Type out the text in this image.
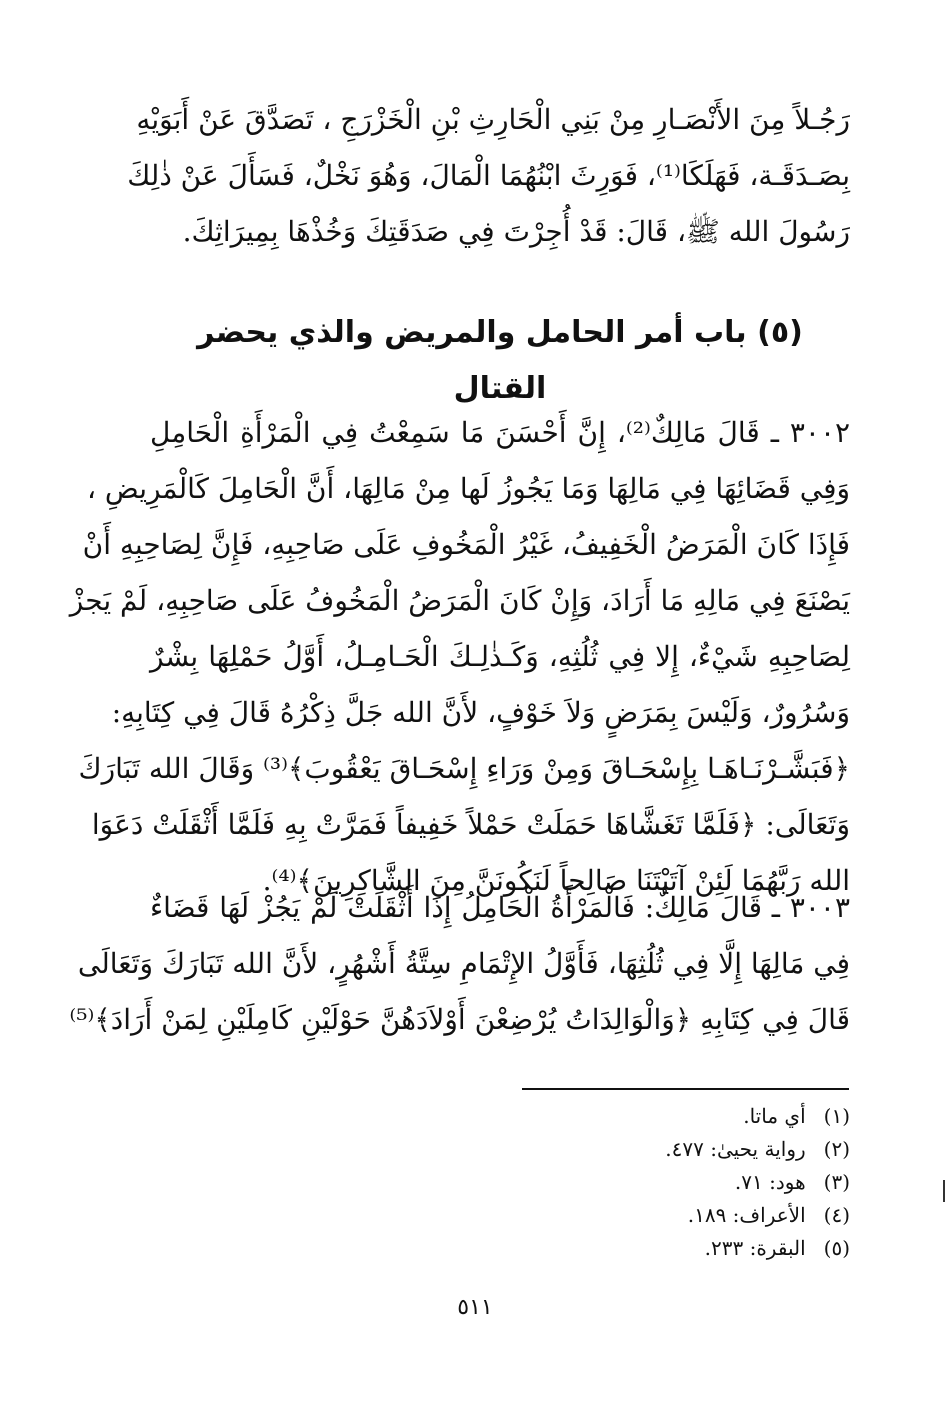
رَجُـلاً مِنَ الأَنْصَـارِ مِنْ بَنِي الْحَارِثِ بْنِ الْخَزْرَجِ ، تَصَدَّقَ عَنْ أَبَوَيْهِ
بِصَـدَقَـة، فَهَلَكَا⁽¹⁾، فَوَرِثَ ابْنُهُمَا الْمَالَ، وَهُوَ نَخْلٌ، فَسَأَلَ عَنْ ذٰلِكَ
رَسُولَ الله ﷺ، قَالَ: قَدْ أُجِرْتَ فِي صَدَقَتِكَ وَخُذْهَا بِمِيرَاثِكَ.
(٥) باب أمر الحامل والمريض والذي يحضر القتال
٣٠٠٢ ـ قَالَ مَالِكٌ⁽²⁾، إِنَّ أَحْسَنَ مَا سَمِعْتُ فِي الْمَرْأَةِ الْحَامِلِ
وَفِي قَضَائِهَا فِي مَالِهَا وَمَا يَجُوزُ لَها مِنْ مَالِهَا، أَنَّ الْحَامِلَ كَالْمَرِيضِ ،
فَإِذَا كَانَ الْمَرَضُ الْخَفِيفُ، غَيْرُ الْمَخُوفِ عَلَى صَاحِبِهِ، فَإِنَّ لِصَاحِبِهِ أَنْ
يَصْنَعَ فِي مَالِهِ مَا أَرَادَ، وَإِنْ كَانَ الْمَرَضُ الْمَخُوفُ عَلَى صَاحِبِهِ، لَمْ يَجزْ
لِصَاحِبِهِ شَيْءٌ، إِلا فِي ثُلُثِهِ، وَكَـذٰلِـكَ الْحَـامِـلُ، أَوَّلُ حَمْلِهَا بِشْرٌ
وَسُرُورٌ، وَلَيْسَ بِمَرَضٍ وَلاَ خَوْفٍ، لأَنَّ الله جَلَّ ذِكْرُهُ قَالَ فِي كِتَابِهِ:
﴿فَبَشَّـرْنَـاهَـا بِإِسْحَـاقَ وَمِنْ وَرَاءِ إِسْحَـاقَ يَعْقُوبَ﴾⁽³⁾ وَقَالَ الله تَبَارَكَ
وَتَعَالَى: ﴿فَلَمَّا تَغَشَّاهَا حَمَلَتْ حَمْلاً خَفِيفاً فَمَرَّتْ بِهِ فَلَمَّا أَثْقَلَتْ دَعَوَا
الله رَبَّهُمَا لَئِنْ آتَيْتَنَا صَالِحاً لَنَكُونَنَّ مِنَ الشَّاكِرِينَ﴾⁽⁴⁾.
٣٠٠٣ ـ قَالَ مَالِكٌ: فَالْمَرْأَةُ الْحَامِلُ إِذَا أَثْقَلَتْ لَمْ يَجُزْ لَهَا قَضَاءٌ
فِي مَالِهَا إِلَّا فِي ثُلُثِهَا، فَأَوَّلُ الإِتْمَامِ سِتَّةُ أَشْهُرٍ، لأَنَّ الله تَبَارَكَ وَتَعَالَى
قَالَ فِي كِتَابِهِ ﴿وَالْوَالِدَاتُ يُرْضِعْنَ أَوْلاَدَهُنَّ حَوْلَيْنِ كَامِلَيْنِ لِمَنْ أَرَادَ﴾⁽⁵⁾
(١) أي ماتا.
(٢) رواية يحيىٰ: ٤٧٧.
(٣) هود: ٧١.
(٤) الأعراف: ١٨٩.
(٥) البقرة: ٢٣٣.
٥١١
